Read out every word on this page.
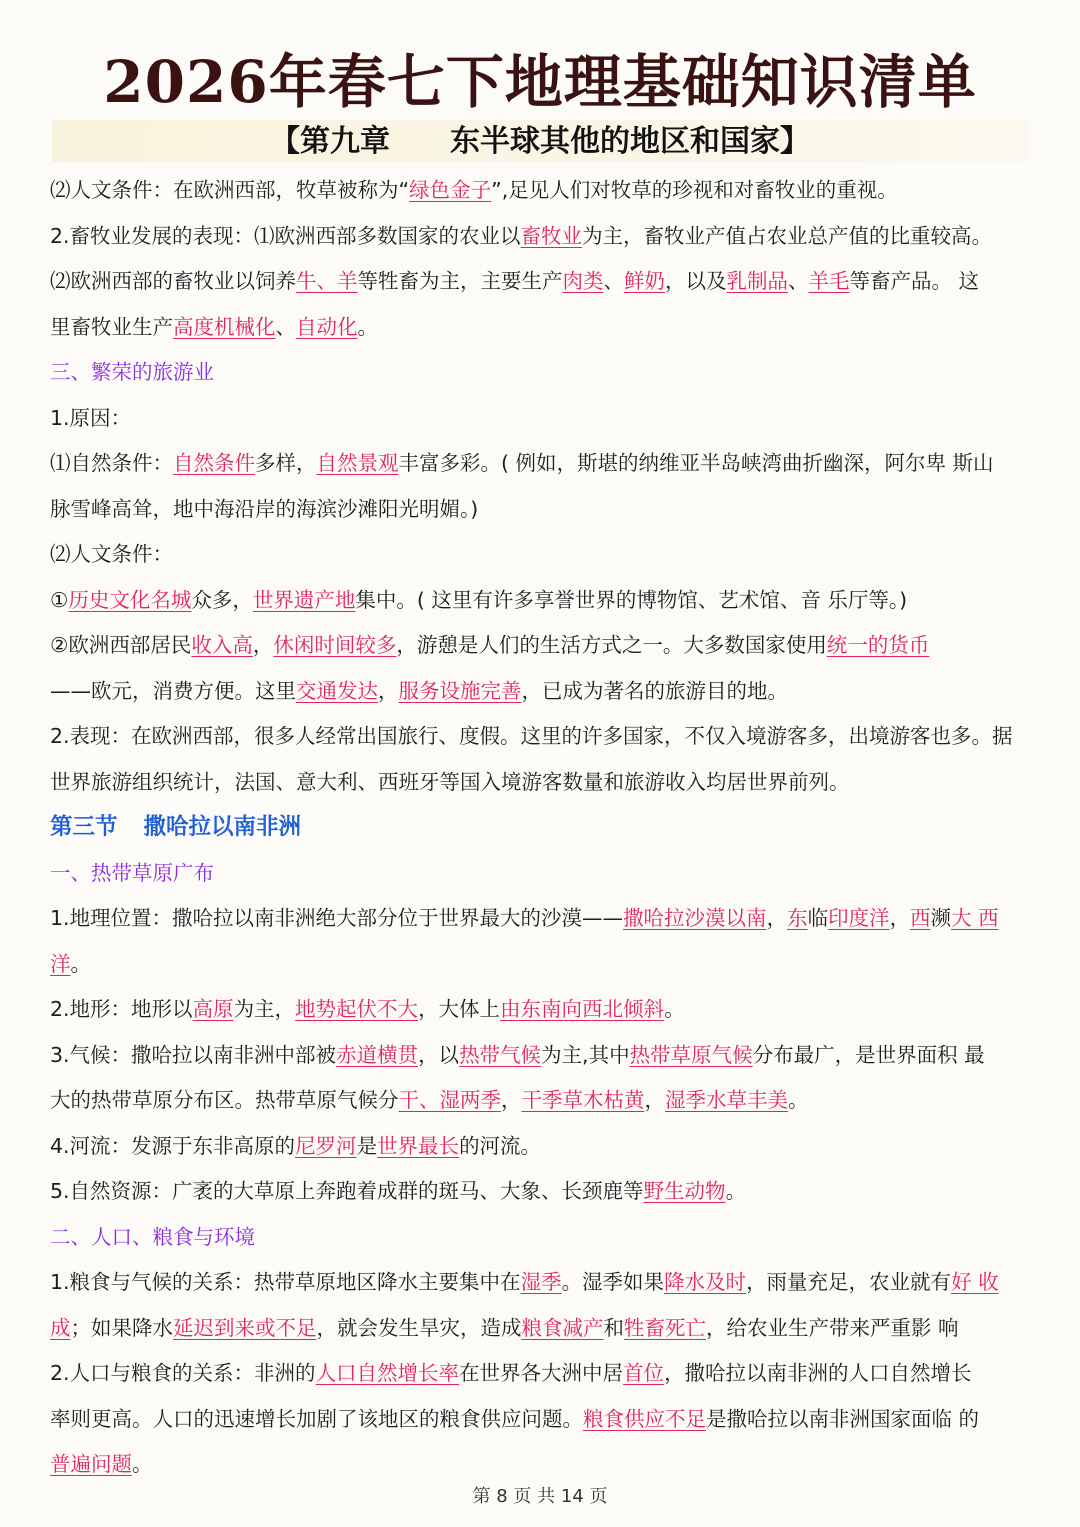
2026年春七下地理基础知识清单
【第九章　　东半球其他的地区和国家】
⑵人文条件：在欧洲西部，牧草被称为“绿色金子”,足见人们对牧草的珍视和对畜牧业的重视。
2.畜牧业发展的表现：⑴欧洲西部多数国家的农业以畜牧业为主，畜牧业产值占农业总产值的比重较高。
⑵欧洲西部的畜牧业以饲养牛、羊等牲畜为主，主要生产肉类、鲜奶，以及乳制品、羊毛等畜产品。 这
里畜牧业生产高度机械化、自动化。
三、繁荣的旅游业
1.原因：
⑴自然条件：自然条件多样，自然景观丰富多彩。( 例如，斯堪的纳维亚半岛峡湾曲折幽深，阿尔卑 斯山
脉雪峰高耸，地中海沿岸的海滨沙滩阳光明媚。)
⑵人文条件：
①历史文化名城众多，世界遗产地集中。( 这里有许多享誉世界的博物馆、艺术馆、音 乐厅等。)
②欧洲西部居民收入高，休闲时间较多，游憩是人们的生活方式之一。大多数国家使用统一的货币
——欧元，消费方便。这里交通发达，服务设施完善，已成为著名的旅游目的地。
2.表现：在欧洲西部，很多人经常出国旅行、度假。这里的许多国家，不仅入境游客多，出境游客也多。据
世界旅游组织统计，法国、意大利、西班牙等国入境游客数量和旅游收入均居世界前列。
第三节 撒哈拉以南非洲
一、热带草原广布
1.地理位置：撒哈拉以南非洲绝大部分位于世界最大的沙漠——撒哈拉沙漠以南，东临印度洋，西濒大 西
洋。
2.地形：地形以高原为主，地势起伏不大，大体上由东南向西北倾斜。
3.气候：撒哈拉以南非洲中部被赤道横贯，以热带气候为主,其中热带草原气候分布最广，是世界面积 最
大的热带草原分布区。热带草原气候分干、湿两季，干季草木枯黄，湿季水草丰美。
4.河流：发源于东非高原的尼罗河是世界最长的河流。
5.自然资源：广袤的大草原上奔跑着成群的斑马、大象、长颈鹿等野生动物。
二、人口、粮食与环境
1.粮食与气候的关系：热带草原地区降水主要集中在湿季。湿季如果降水及时，雨量充足，农业就有好 收
成；如果降水延迟到来或不足，就会发生旱灾，造成粮食减产和牲畜死亡，给农业生产带来严重影 响
2.人口与粮食的关系：非洲的人口自然增长率在世界各大洲中居首位，撒哈拉以南非洲的人口自然增长
率则更高。人口的迅速增长加剧了该地区的粮食供应问题。粮食供应不足是撒哈拉以南非洲国家面临 的
普遍问题。
第 8 页 共 14 页
